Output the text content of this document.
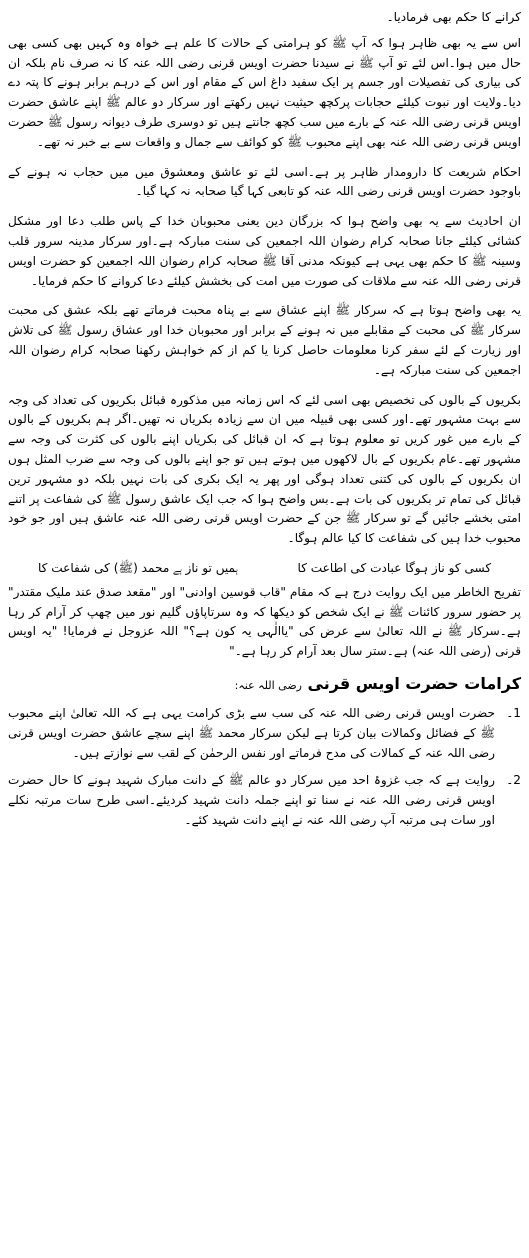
کرانے کا حکم بھی فرمادیا۔

اس سے یہ بھی ظاہر ہوا کہ آپ ﷺ کو ہرامتی کے حالات کا علم ہے خواہ وہ کہیں بھی کسی بھی حال میں ہوا۔اس لئے تو آپ ﷺ نے سیدنا حضرت اویس قرنی رضی اللہ عنہ کا نہ صرف نام بلکہ ان کی بیاری کی تفصیلات اور جسم پر ایک سفید داغ اس کے مقام اور اس کے درہم برابر ہونے کا پتہ دے دیا۔ولایت اور نبوت کیلئے حجابات پرکچھ حیثیت نہیں رکھتے اور سرکار دو عالم ﷺ اپنے عاشق حضرت اویس قرنی رضی اللہ عنہ کے بارے میں سب کچھ جانتے ہیں تو دوسری طرف دیوانہ رسول ﷺ حضرت اویس قرنی رضی اللہ عنہ بھی اپنے محبوب ﷺ کو کوائف سے جمال و واقعات سے بے خبر نہ تھے۔

احکام شریعت کا دارومدار ظاہر پر ہے۔اسی لئے تو عاشق ومعشوق میں میں حجاب نہ ہونے کے باوجود حضرت اویس قرنی رضی اللہ عنہ کو تابعی کہا گیا صحابہ نہ کہا گیا۔

ان احادیث سے یہ بھی واضح ہوا کہ بزرگان دین یعنی محبوبان خدا کے پاس طلب دعا اور مشکل کشائی کیلئے جانا صحابہ کرام رضوان اللہ اجمعین کی سنت مبارکہ ہے۔اور سرکار مدینہ سرور قلب وسینہ ﷺ کا حکم بھی یہی ہے کیونکہ مدنی آقا ﷺ صحابہ کرام رضوان اللہ اجمعین کو حضرت اویس قرنی رضی اللہ عنہ سے ملاقات کی صورت میں امت کی بخشش کیلئے دعا کروانے کا حکم فرمایا۔

یہ بھی واضح ہوتا ہے کہ سرکار ﷺ اپنے عشاق سے بے پناہ محبت فرماتے تھے بلکہ عشق کی محبت سرکار ﷺ کی محبت کے مقابلے میں نہ ہونے کے برابر اور محبوبان خدا اور عشاق رسول ﷺ کی تلاش اور زیارت کے لئے سفر کرنا معلومات حاصل کرنا یا کم از کم خواہش رکھنا صحابہ کرام رضوان اللہ اجمعین کی سنت مبارکہ ہے۔

بکریوں کے بالوں کی تخصیص بھی اسی لئے کہ اس زمانہ میں مذکورہ قبائل بکریوں کی تعداد کی وجہ سے بہت مشہور تھے۔اور کسی بھی قبیلہ میں ان سے زیادہ بکریاں نہ تھیں۔اگر ہم بکریوں کے بالوں کے بارے میں غور کریں تو معلوم ہوتا ہے کہ ان قبائل کی بکریاں اپنے بالوں کی کثرت کی وجہ سے مشہور تھے۔عام بکریوں کے بال لاکھوں میں ہوتے ہیں تو جو اپنے بالوں کی وجہ سے ضرب المثل ہوں ان بکریوں کے بالوں کی کتنی تعداد ہوگی اور پھر یہ ایک بکری کی بات نہیں بلکہ دو مشہور ترین قبائل کی تمام تر بکریوں کی بات ہے۔بس واضح ہوا کہ جب ایک عاشق رسول ﷺ کی شفاعت پر اتنے امتی بخشے جائیں گے تو سرکار ﷺ جن کے حضرت اویس قرنی رضی اللہ عنہ عاشق ہیں اور جو خود محبوب خدا ہیں کی شفاعت کا کیا عالم ہوگا۔

کسی کو ناز ہوگا عبادت کی اطاعت کا
ہمیں تو ناز ہے محمد (ﷺ) کی شفاعت کا

تفریح الخاطر میں ایک روایت درج ہے کہ مقام "قاب قوسین اوادنی" اور "مقعد صدق عند ملیک مقتدر" پر حضور سرور کائنات ﷺ نے ایک شخص کو دیکھا کہ وہ سرتاپاؤں گلیم نور میں چھپ کر آرام کر رہا ہے۔سرکار ﷺ نے اللہ تعالیٰ سے عرض کی "یاالٰہی یہ کون ہے؟" اللہ عزوجل نے فرمایا! "یہ اویس قرنی (رضی اللہ عنہ) ہے۔ستر سال بعد آرام کر رہا ہے۔"

کرامات حضرت اویس قرنی رضی اللہ عنہ:
1۔
حضرت اویس قرنی رضی اللہ عنہ کی سب سے بڑی کرامت یہی ہے کہ اللہ تعالیٰ اپنے محبوب ﷺ کے فضائل وکمالات بیان کرتا ہے لیکن سرکار محمد ﷺ اپنے سچے عاشق حضرت اویس قرنی رضی اللہ عنہ کے کمالات کی مدح فرماتے اور نفس الرحمٰن کے لقب سے نوازتے ہیں۔
2۔
روایت ہے کہ جب غزوۂ احد میں سرکار دو عالم ﷺ کے دانت مبارک شہید ہونے کا حال حضرت اویس قرنی رضی اللہ عنہ نے سنا تو اپنے جملہ دانت شہید کردیئے۔اسی طرح سات مرتبہ نکلے اور سات ہی مرتبہ آپ رضی اللہ عنہ نے اپنے دانت شہید کئے۔
